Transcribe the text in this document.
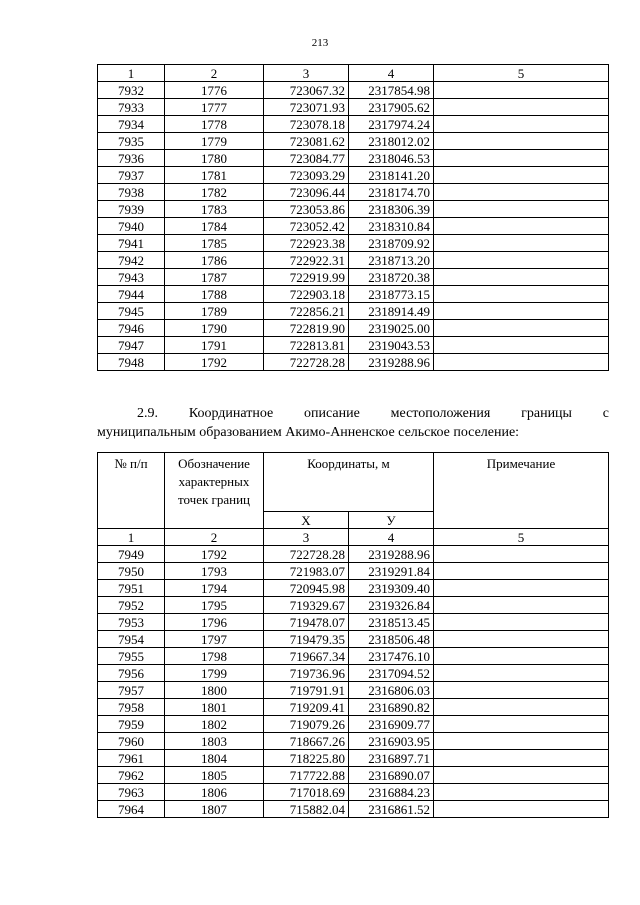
213
1	2	3	4	5
7932	1776	723067.32	2317854.98	
7933	1777	723071.93	2317905.62	
7934	1778	723078.18	2317974.24	
7935	1779	723081.62	2318012.02	
7936	1780	723084.77	2318046.53	
7937	1781	723093.29	2318141.20	
7938	1782	723096.44	2318174.70	
7939	1783	723053.86	2318306.39	
7940	1784	723052.42	2318310.84	
7941	1785	722923.38	2318709.92	
7942	1786	722922.31	2318713.20	
7943	1787	722919.99	2318720.38	
7944	1788	722903.18	2318773.15	
7945	1789	722856.21	2318914.49	
7946	1790	722819.90	2319025.00	
7947	1791	722813.81	2319043.53	
7948	1792	722728.28	2319288.96	

2.9. Координатное описание местоположения границы с

муниципальным образованием Акимо-Анненское сельское поселение:

№ п/п	Обозначение характерных точек границ	Координаты, м		Примечание
		Х	У	
1	2	3	4	5
7949	1792	722728.28	2319288.96	
7950	1793	721983.07	2319291.84	
7951	1794	720945.98	2319309.40	
7952	1795	719329.67	2319326.84	
7953	1796	719478.07	2318513.45	
7954	1797	719479.35	2318506.48	
7955	1798	719667.34	2317476.10	
7956	1799	719736.96	2317094.52	
7957	1800	719791.91	2316806.03	
7958	1801	719209.41	2316890.82	
7959	1802	719079.26	2316909.77	
7960	1803	718667.26	2316903.95	
7961	1804	718225.80	2316897.71	
7962	1805	717722.88	2316890.07	
7963	1806	717018.69	2316884.23	
7964	1807	715882.04	2316861.52	
